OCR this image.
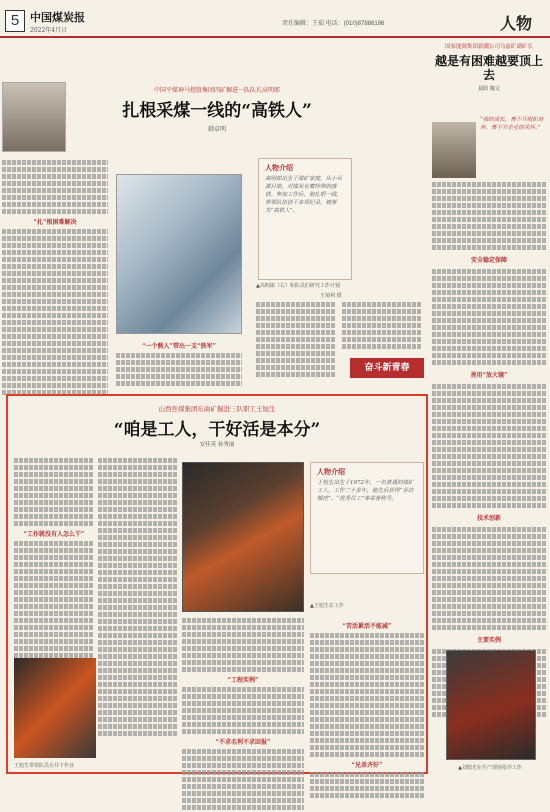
5 中国煤炭报
2022年4月日
责任编辑：王茹 电话：(010)87886196	人物
中国平煤神马控股集团四矿掘进一队队长高明郎
扎根采煤一线的“高铁人”
韩卓明
“扎”根困难解决
人物介绍
高明郎出生于煤矿家庭，从小耳濡目染，对煤炭有着特殊的感情。参加工作后，他扎根一线，带领队伍创下多项纪录，被誉为“高铁人”。
▲高明郎（右）和队员们研究工作计划
王菊利 摄
“一个熊人”带出一支“铁军”
奋斗新青春
国家能源集团新疆公司乌兹矿副矿长
越是有困难越要顶上去
晨阳 魏文
“我的成长，离不开组织培养，离不开企业的关怀。”
安全稳定保障
善用“放大镜”
技术创新
主要实例
▲刘德光在生产现场指导工作
山西焦煤集团东曲矿掘进三队职工王旭生
“咱是工人，干好活是本分”
安佳英 孙秀丽
“工作就没有人怎么干”
人物介绍
王旭生出生于1972年，一名普通的煤矿工人。工作二十多年，他先后获得“劳动模范”、“优秀员工”等荣誉称号。
▲王旭生在工作
“苦活累活不能减”
“兄弟齐好”
“工程实例”
“不求名利不求回报”
王旭生带领队员在井下作业
